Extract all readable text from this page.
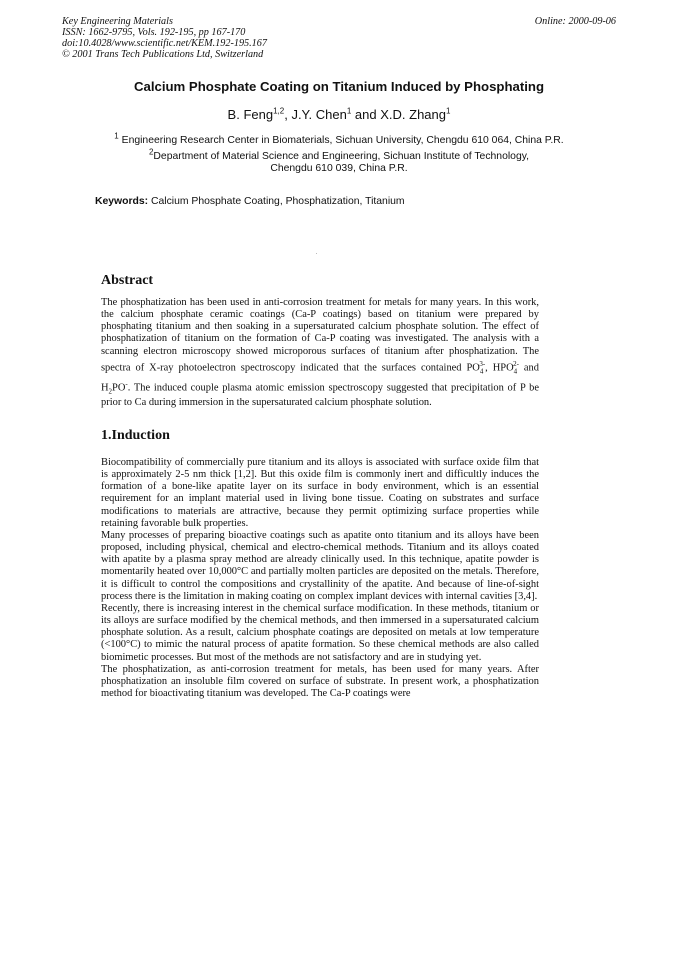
Key Engineering Materials
ISSN: 1662-9795, Vols. 192-195, pp 167-170
doi:10.4028/www.scientific.net/KEM.192-195.167
© 2001 Trans Tech Publications Ltd, Switzerland
Online: 2000-09-06
Calcium Phosphate Coating on Titanium Induced by Phosphating
B. Feng$^{1,2}$, J.Y. Chen$^1$ and X.D. Zhang$^1$
$^1$ Engineering Research Center in Biomaterials, Sichuan University, Chengdu 610 064, China P.R.
$^2$Department of Material Science and Engineering, Sichuan Institute of Technology,
Chengdu 610 039, China P.R.
Keywords: Calcium Phosphate Coating, Phosphatization, Titanium
Abstract
The phosphatization has been used in anti-corrosion treatment for metals for many years. In this work, the calcium phosphate ceramic coatings (Ca-P coatings) based on titanium were prepared by phosphating titanium and then soaking in a supersaturated calcium phosphate solution. The effect of phosphatization of titanium on the formation of Ca-P coating was investigated. The analysis with a scanning electron microscopy showed microporous surfaces of titanium after phosphatization. The spectra of X-ray photoelectron spectroscopy indicated that the surfaces contained $PO_4^{3-}$, $HPO_4^{2-}$ and $H_2PO^-$. The induced couple plasma atomic emission spectroscopy suggested that precipitation of P be prior to Ca during immersion in the supersaturated calcium phosphate solution.
1.Induction

Biocompatibility of commercially pure titanium and its alloys is associated with surface oxide film that is approximately 2-5 nm thick [1,2]. But this oxide film is commonly inert and difficultly induces the formation of a bone-like apatite layer on its surface in body environment, which is an essential requirement for an implant material used in living bone tissue. Coating on substrates and surface modifications to materials are attractive, because they permit optimizing surface properties while retaining favorable bulk properties.

Many processes of preparing bioactive coatings such as apatite onto titanium and its alloys have been proposed, including physical, chemical and electro-chemical methods. Titanium and its alloys coated with apatite by a plasma spray method are already clinically used. In this technique, apatite powder is momentarily heated over 10,000°C and partially molten particles are deposited on the metals. Therefore, it is difficult to control the compositions and crystallinity of the apatite. And because of line-of-sight process there is the limitation in making coating on complex implant devices with internal cavities [3,4].

Recently, there is increasing interest in the chemical surface modification. In these methods, titanium or its alloys are surface modified by the chemical methods, and then immersed in a supersaturated calcium phosphate solution. As a result, calcium phosphate coatings are deposited on metals at low temperature (<100°C) to mimic the natural process of apatite formation. So these chemical methods are also called biomimetic processes. But most of the methods are not satisfactory and are in studying yet.

The phosphatization, as anti-corrosion treatment for metals, has been used for many years. After phosphatization an insoluble film covered on surface of substrate. In present work, a phosphatization method for bioactivating titanium was developed. The Ca-P coatings were
